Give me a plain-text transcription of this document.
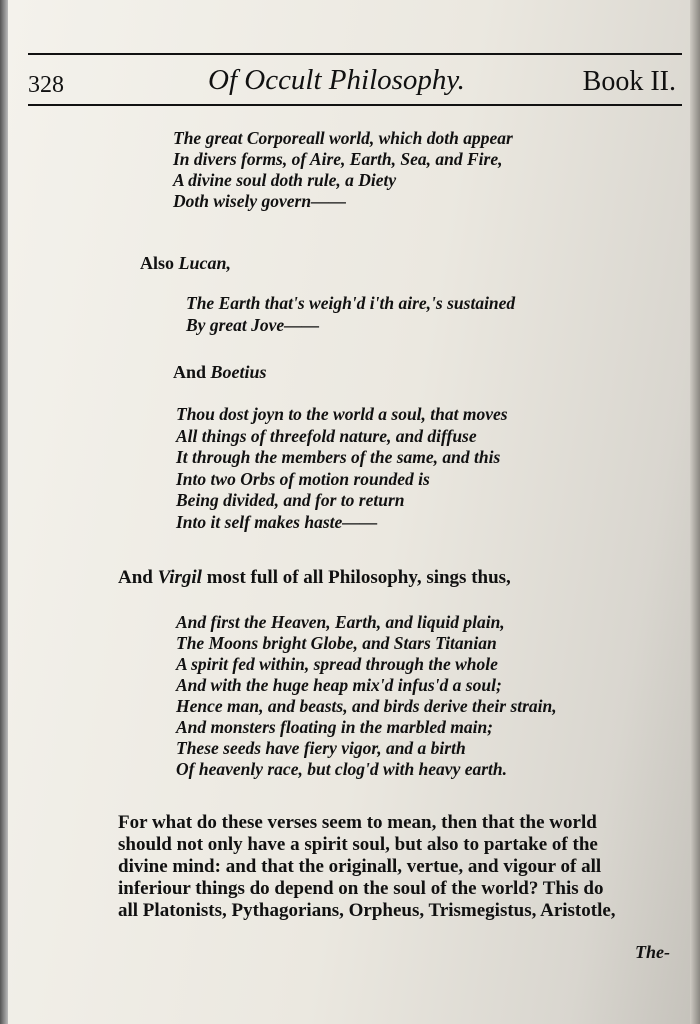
328	Of Occult Philosophy.	Book II.
The great Corporeall world, which doth appear
In divers forms, of Aire, Earth, Sea, and Fire,
A divine soul doth rule, a Diety
Doth wisely govern——
Also Lucan,
The Earth that's weigh'd i'th aire,'s sustained
By great Jove——
And Boetius
Thou dost joyn to the world a soul, that moves
All things of threefold nature, and diffuse
It through the members of the same, and this
Into two Orbs of motion rounded is
Being divided, and for to return
Into it self makes haste——
And Virgil most full of all Philosophy, sings thus,
And first the Heaven, Earth, and liquid plain,
The Moons bright Globe, and Stars Titanian
A spirit fed within, spread through the whole
And with the huge heap mix'd infus'd a soul;
Hence man, and beasts, and birds derive their strain,
And monsters floating in the marbled main;
These seeds have fiery vigor, and a birth
Of heavenly race, but clog'd with heavy earth.
For what do these verses seem to mean, then that the world
should not only have a spirit soul, but also to partake of the
divine mind: and that the originall, vertue, and vigour of all
inferiour things do depend on the soul of the world? This do
all Platonists, Pythagorians, Orpheus, Trismegistus, Aristotle,
The-
